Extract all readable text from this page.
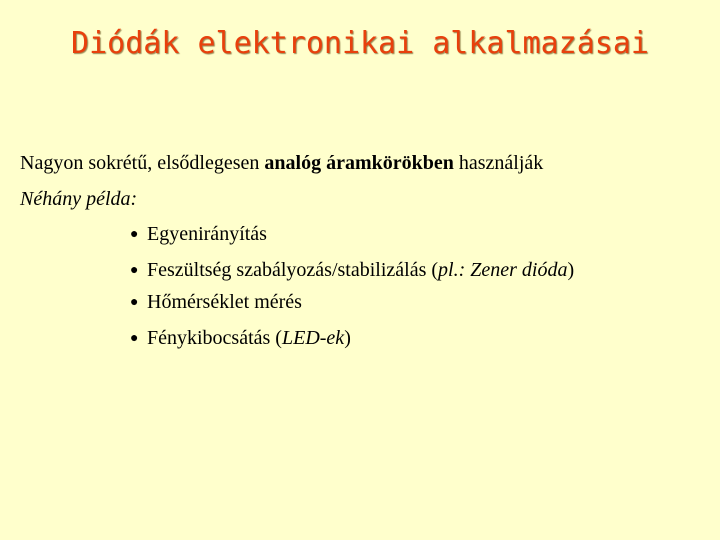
Diódák elektronikai alkalmazásai
Nagyon sokrétű, elsődlegesen analóg áramkörökben használják
Néhány példa:
● Egyenirányítás
● Feszültség szabályozás/stabilizálás (pl.: Zener dióda)
● Hőmérséklet mérés
● Fénykibocsátás (LED-ek)
